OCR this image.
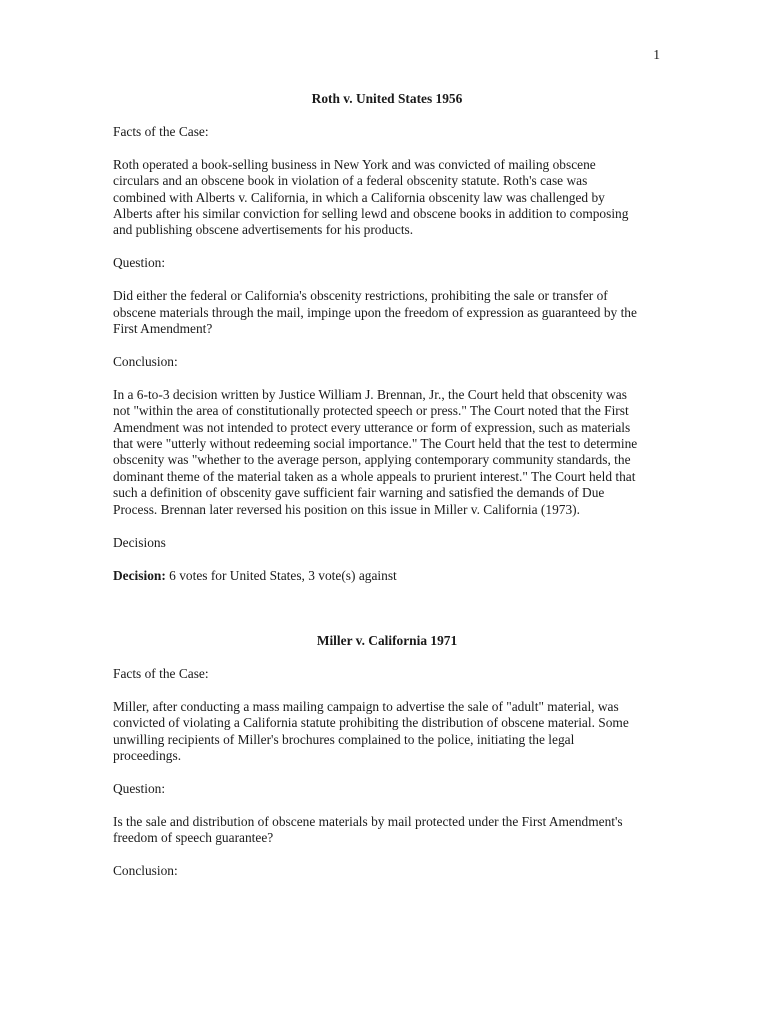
1

Roth v. United States 1956

Facts of the Case:

Roth operated a book-selling business in New York and was convicted of mailing obscene
circulars and an obscene book in violation of a federal obscenity statute. Roth's case was
combined with Alberts v. California, in which a California obscenity law was challenged by
Alberts after his similar conviction for selling lewd and obscene books in addition to composing
and publishing obscene advertisements for his products.

Question:

Did either the federal or California's obscenity restrictions, prohibiting the sale or transfer of
obscene materials through the mail, impinge upon the freedom of expression as guaranteed by the
First Amendment?

Conclusion:

In a 6-to-3 decision written by Justice William J. Brennan, Jr., the Court held that obscenity was
not "within the area of constitutionally protected speech or press." The Court noted that the First
Amendment was not intended to protect every utterance or form of expression, such as materials
that were "utterly without redeeming social importance." The Court held that the test to determine
obscenity was "whether to the average person, applying contemporary community standards, the
dominant theme of the material taken as a whole appeals to prurient interest." The Court held that
such a definition of obscenity gave sufficient fair warning and satisfied the demands of Due
Process. Brennan later reversed his position on this issue in Miller v. California (1973).

Decisions

Decision: 6 votes for United States, 3 vote(s) against

Miller v. California 1971

Facts of the Case:

Miller, after conducting a mass mailing campaign to advertise the sale of "adult" material, was
convicted of violating a California statute prohibiting the distribution of obscene material. Some
unwilling recipients of Miller's brochures complained to the police, initiating the legal
proceedings.

Question:

Is the sale and distribution of obscene materials by mail protected under the First Amendment's
freedom of speech guarantee?

Conclusion:
